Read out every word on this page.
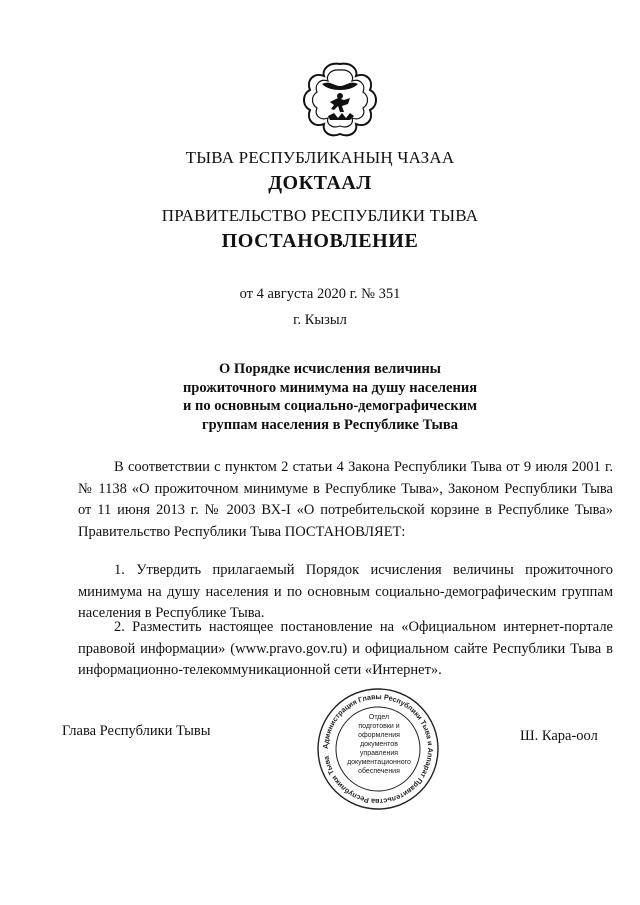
ТЫВА РЕСПУБЛИКАНЫҢ ЧАЗАА
ДОКТААЛ
ПРАВИТЕЛЬСТВО РЕСПУБЛИКИ ТЫВА
ПОСТАНОВЛЕНИЕ
от 4 августа 2020 г. № 351
г. Кызыл
О Порядке исчисления величины
прожиточного минимума на душу населения
и по основным социально-демографическим
группам населения в Республике Тыва
В соответствии с пунктом 2 статьи 4 Закона Республики Тыва от 9 июля 2001 г. № 1138 «О прожиточном минимуме в Республике Тыва», Законом Республики Тыва от 11 июня 2013 г. № 2003 ВХ-I «О потребительской корзине в Республике Тыва» Правительство Республики Тыва ПОСТАНОВЛЯЕТ:
1. Утвердить прилагаемый Порядок исчисления величины прожиточного минимума на душу населения и по основным социально-демографическим группам населения в Республике Тыва.
2. Разместить настоящее постановление на «Официальном интернет-портале правовой информации» (www.pravo.gov.ru) и официальном сайте Республики Тыва в информационно-телекоммуникационной сети «Интернет».
Глава Республики Тывы	Ш. Кара-оол
Администрация Главы Республики Тыва и Аппарат Правительства Республики Тыва
Отдел
подготовки и
оформления документов
управления
документационного
обеспечения
